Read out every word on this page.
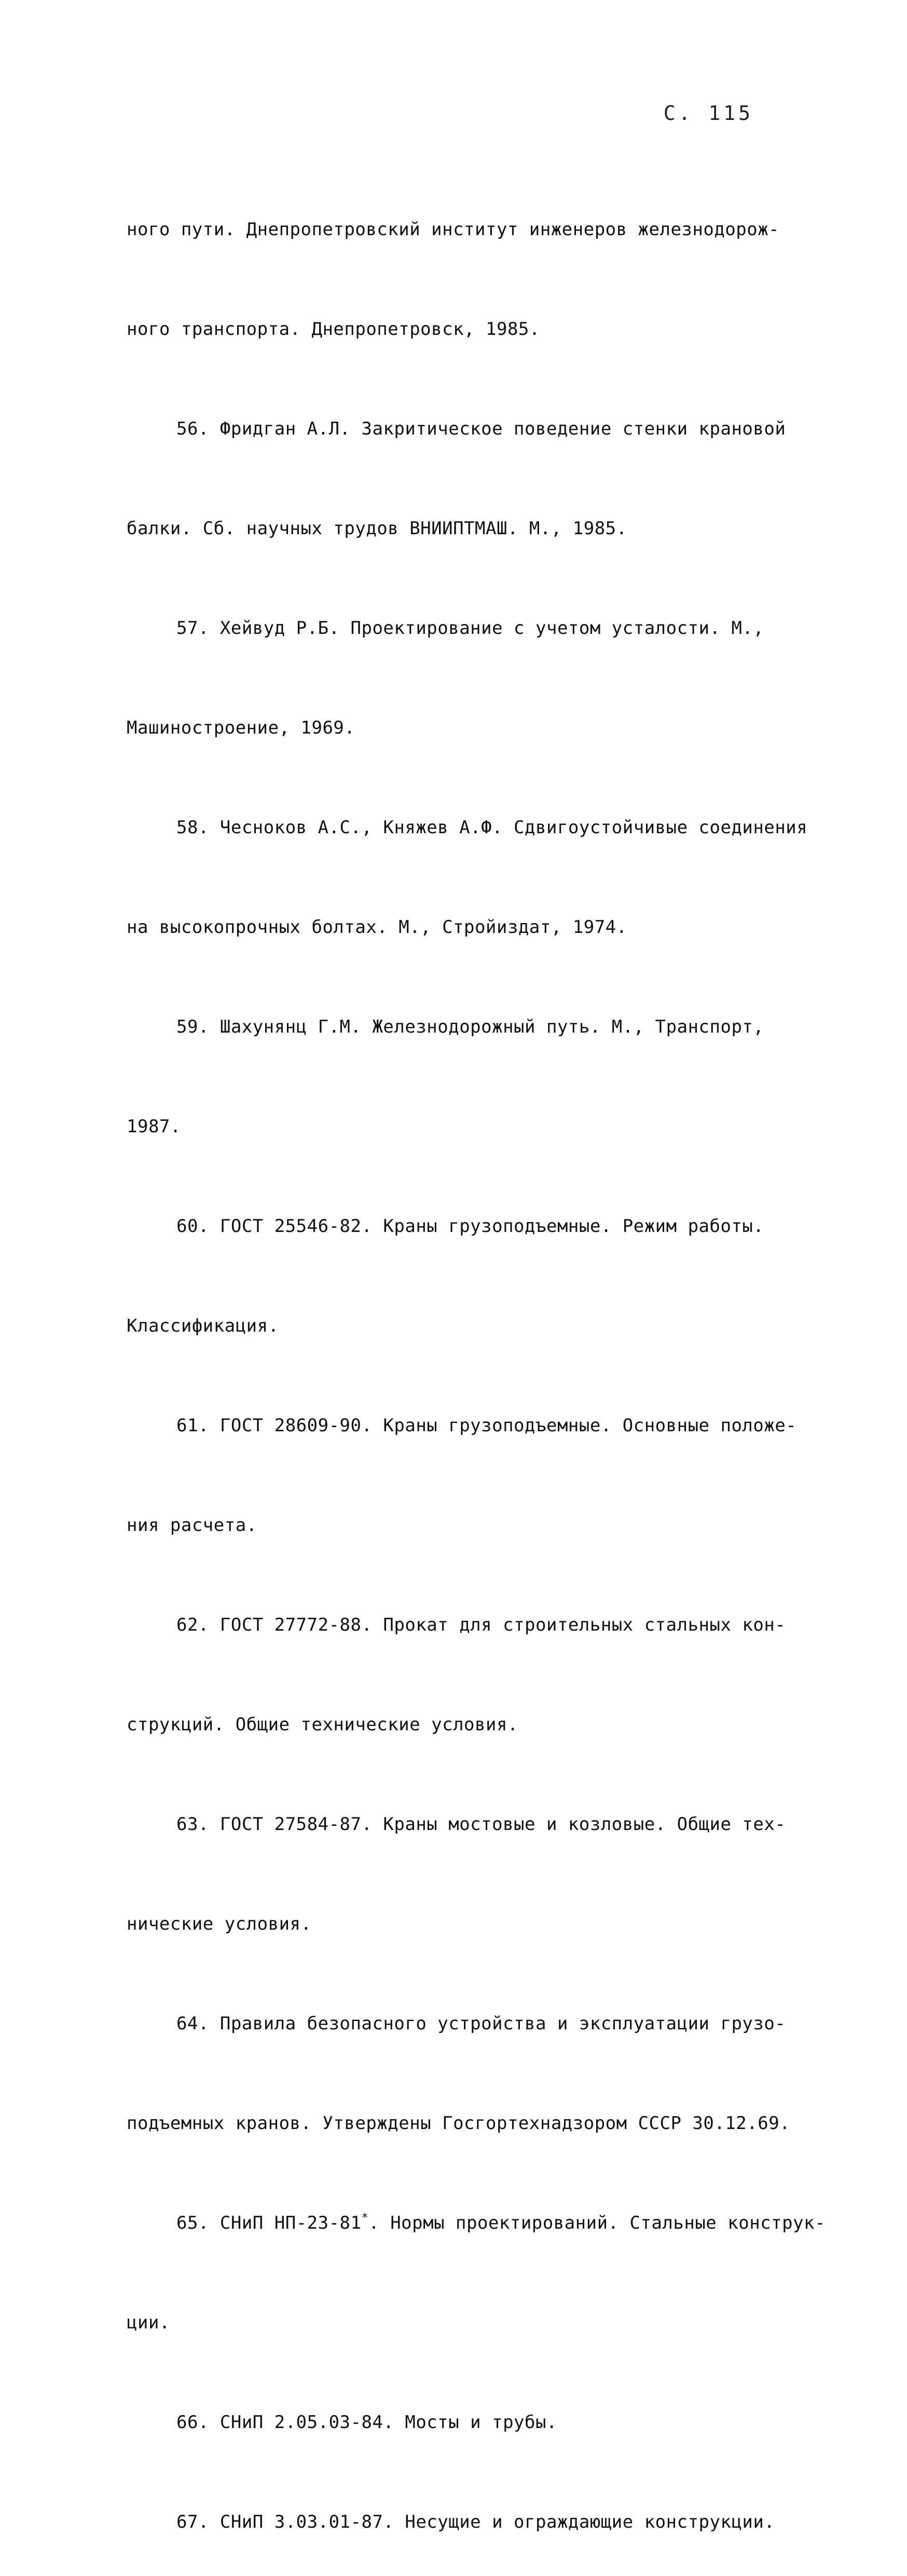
С. 115

ного пути. Днепропетровский институт инженеров железнодорож-

ного транспорта. Днепропетровск, 1985.

56. Фридган А.Л. Закритическое поведение стенки крановой

балки. Сб. научных трудов ВНИИПТМАШ. М., 1985.

57. Хейвуд Р.Б. Проектирование с учетом усталости. М.,

Машиностроение, 1969.

58. Чесноков А.С., Княжев А.Ф. Сдвигоустойчивые соединения

на высокопрочных болтах. М., Стройиздат, 1974.

59. Шахунянц Г.М. Железнодорожный путь. М., Транспорт,

1987.

60. ГОСТ 25546-82. Краны грузоподъемные. Режим работы.

Классификация.

61. ГОСТ 28609-90. Краны грузоподъемные. Основные положе-

ния расчета.

62. ГОСТ 27772-88. Прокат для строительных стальных кон-

струкций. Общие технические условия.

63. ГОСТ 27584-87. Краны мостовые и козловые. Общие тех-

нические условия.

64. Правила безопасного устройства и эксплуатации грузо-

подъемных кранов. Утверждены Госгортехнадзором СССР 30.12.69.

65. СНиП НП-23-81*. Нормы проектирований. Стальные конструк-

ции.

66. СНиП 2.05.03-84. Мосты и трубы.

67. СНиП 3.03.01-87. Несущие и ограждающие конструкции.
